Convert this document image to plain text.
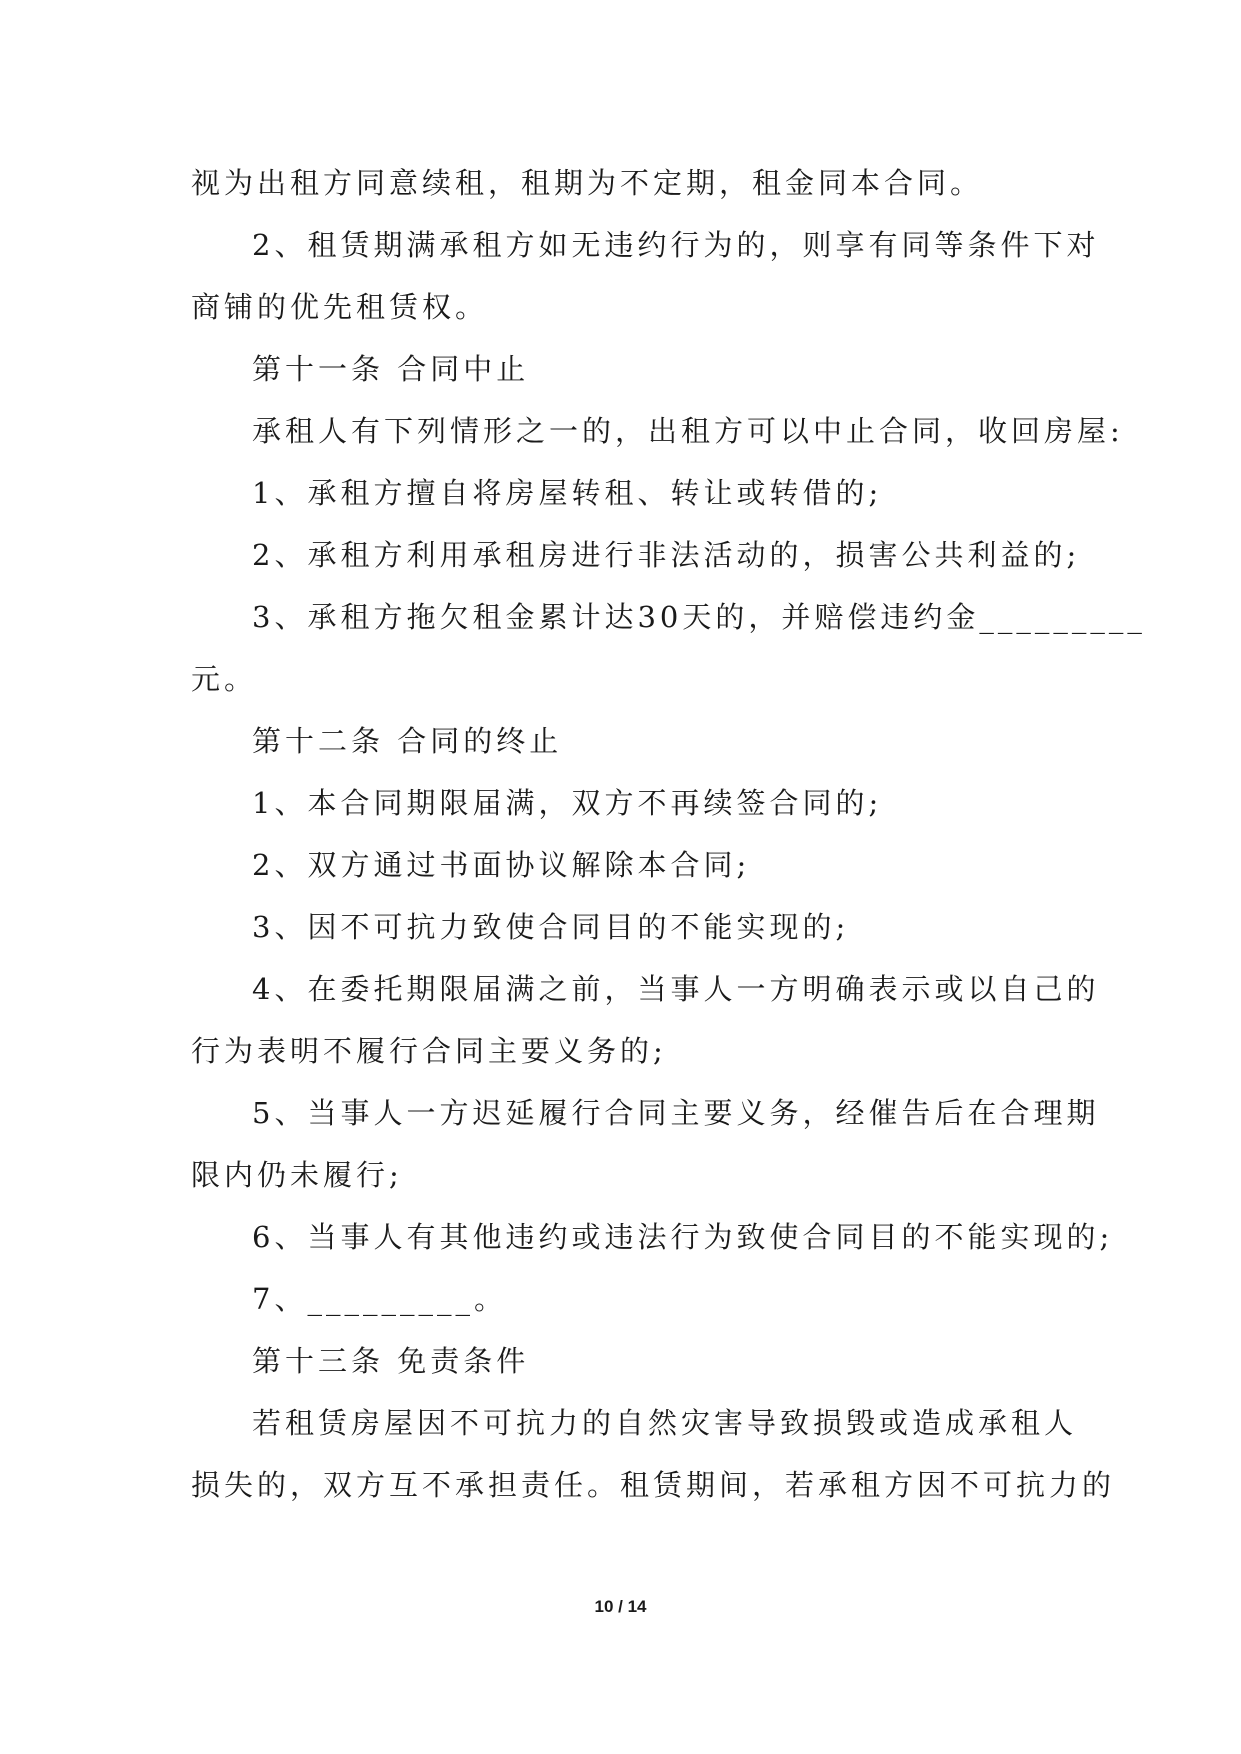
视为出租方同意续租，租期为不定期，租金同本合同。
2、租赁期满承租方如无违约行为的，则享有同等条件下对
商铺的优先租赁权。
第十一条 合同中止
承租人有下列情形之一的，出租方可以中止合同，收回房屋:
1、承租方擅自将房屋转租、转让或转借的;
2、承租方利用承租房进行非法活动的，损害公共利益的;
3、承租方拖欠租金累计达30天的，并赔偿违约金_________
元。
第十二条 合同的终止
1、本合同期限届满，双方不再续签合同的;
2、双方通过书面协议解除本合同;
3、因不可抗力致使合同目的不能实现的;
4、在委托期限届满之前，当事人一方明确表示或以自己的
行为表明不履行合同主要义务的;
5、当事人一方迟延履行合同主要义务，经催告后在合理期
限内仍未履行;
6、当事人有其他违约或违法行为致使合同目的不能实现的;
7、_________。
第十三条 免责条件
若租赁房屋因不可抗力的自然灾害导致损毁或造成承租人
损失的，双方互不承担责任。租赁期间，若承租方因不可抗力的
10 / 14
